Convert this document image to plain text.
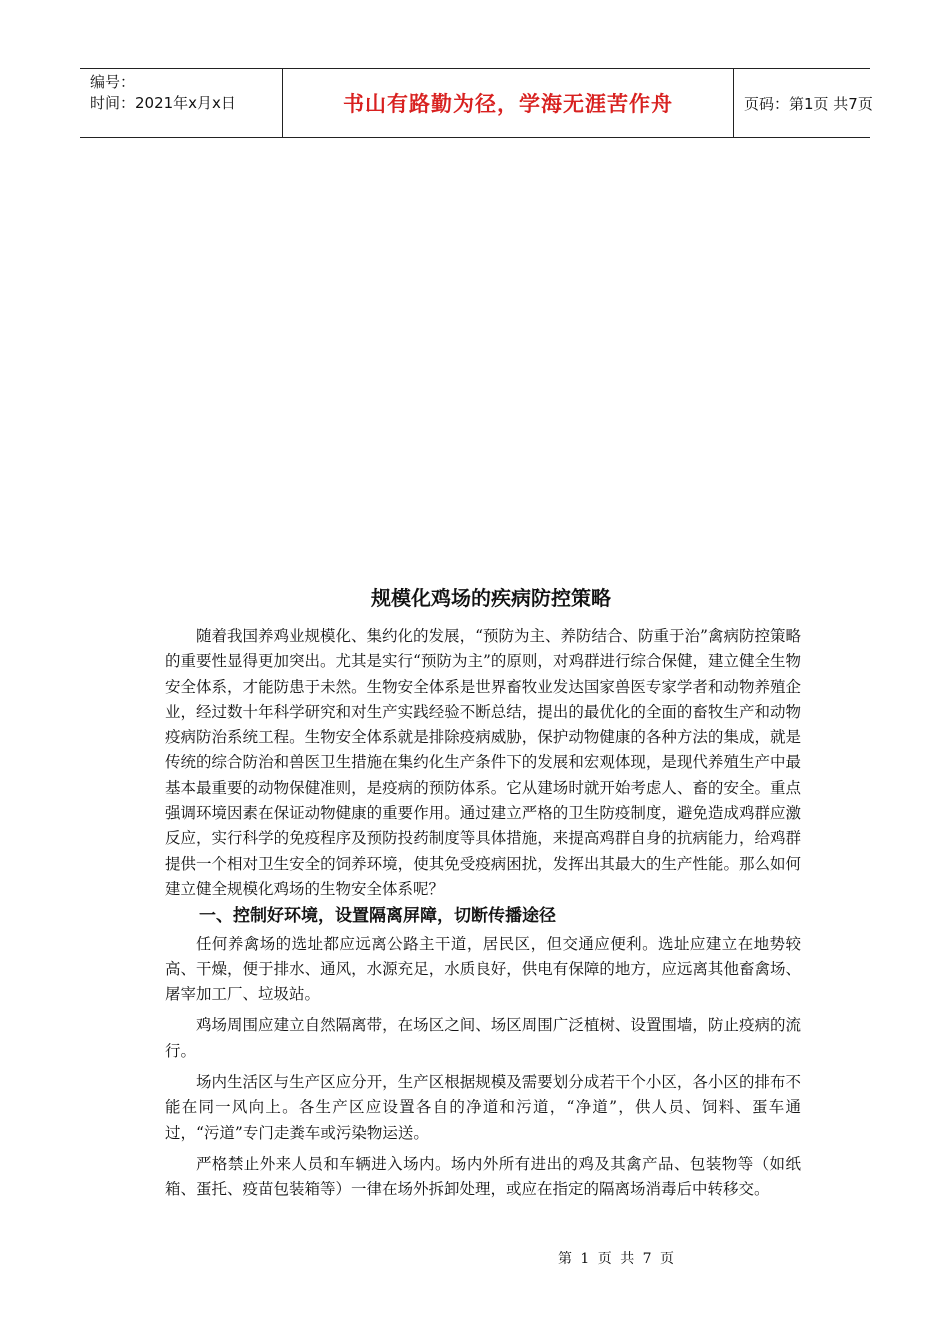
编号：
时间：2021年x月x日	书山有路勤为径，学海无涯苦作舟	页码：第1页 共7页
规模化鸡场的疾病防控策略

随着我国养鸡业规模化、集约化的发展，“预防为主、养防结合、防重于治”禽病防控策略的重要性显得更加突出。尤其是实行“预防为主”的原则，对鸡群进行综合保健，建立健全生物安全体系，才能防患于未然。生物安全体系是世界畜牧业发达国家兽医专家学者和动物养殖企业，经过数十年科学研究和对生产实践经验不断总结，提出的最优化的全面的畜牧生产和动物疫病防治系统工程。生物安全体系就是排除疫病威胁，保护动物健康的各种方法的集成，就是传统的综合防治和兽医卫生措施在集约化生产条件下的发展和宏观体现，是现代养殖生产中最基本最重要的动物保健准则，是疫病的预防体系。它从建场时就开始考虑人、畜的安全。重点强调环境因素在保证动物健康的重要作用。通过建立严格的卫生防疫制度，避免造成鸡群应激反应，实行科学的免疫程序及预防投药制度等具体措施，来提高鸡群自身的抗病能力，给鸡群提供一个相对卫生安全的饲养环境，使其免受疫病困扰，发挥出其最大的生产性能。那么如何建立健全规模化鸡场的生物安全体系呢？

一、控制好环境，设置隔离屏障，切断传播途径

任何养禽场的选址都应远离公路主干道，居民区，但交通应便利。选址应建立在地势较高、干燥，便于排水、通风，水源充足，水质良好，供电有保障的地方，应远离其他畜禽场、屠宰加工厂、垃圾站。

鸡场周围应建立自然隔离带，在场区之间、场区周围广泛植树、设置围墙，防止疫病的流行。

场内生活区与生产区应分开，生产区根据规模及需要划分成若干个小区，各小区的排布不能在同一风向上。各生产区应设置各自的净道和污道，“净道”，供人员、饲料、蛋车通过，“污道”专门走粪车或污染物运送。

严格禁止外来人员和车辆进入场内。场内外所有进出的鸡及其禽产品、包装物等（如纸箱、蛋托、疫苗包装箱等）一律在场外拆卸处理，或应在指定的隔离场消毒后中转移交。

第 1 页 共 7 页
